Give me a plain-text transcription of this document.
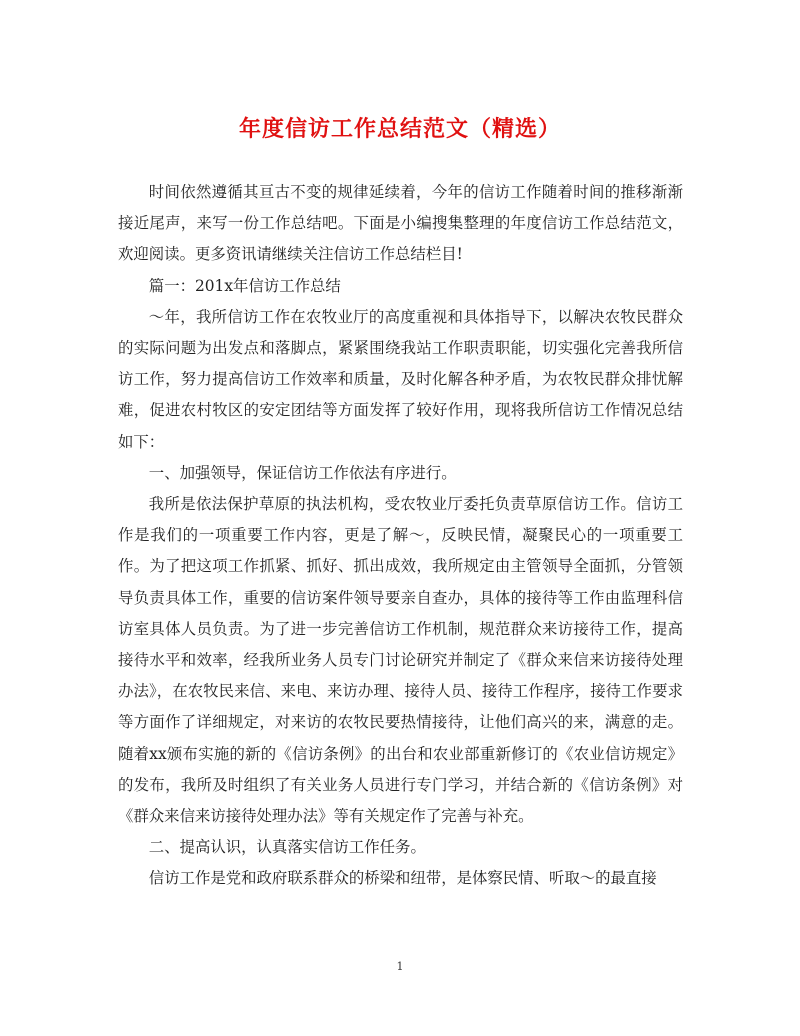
年度信访工作总结范文（精选）

时间依然遵循其亘古不变的规律延续着，今年的信访工作随着时间的推移渐渐接近尾声，来写一份工作总结吧。下面是小编搜集整理的年度信访工作总结范文，欢迎阅读。更多资讯请继续关注信访工作总结栏目!

篇一：201x年信访工作总结

～年，我所信访工作在农牧业厅的高度重视和具体指导下，以解决农牧民群众的实际问题为出发点和落脚点，紧紧围绕我站工作职责职能，切实强化完善我所信访工作，努力提高信访工作效率和质量，及时化解各种矛盾，为农牧民群众排忧解难，促进农村牧区的安定团结等方面发挥了较好作用，现将我所信访工作情况总结如下：

一、加强领导，保证信访工作依法有序进行。

我所是依法保护草原的执法机构，受农牧业厅委托负责草原信访工作。信访工作是我们的一项重要工作内容，更是了解～，反映民情，凝聚民心的一项重要工作。为了把这项工作抓紧、抓好、抓出成效，我所规定由主管领导全面抓，分管领导负责具体工作，重要的信访案件领导要亲自查办，具体的接待等工作由监理科信访室具体人员负责。为了进一步完善信访工作机制，规范群众来访接待工作，提高接待水平和效率，经我所业务人员专门讨论研究并制定了《群众来信来访接待处理办法》，在农牧民来信、来电、来访办理、接待人员、接待工作程序，接待工作要求等方面作了详细规定，对来访的农牧民要热情接待，让他们高兴的来，满意的走。随着xx颁布实施的新的《信访条例》的出台和农业部重新修订的《农业信访规定》的发布，我所及时组织了有关业务人员进行专门学习，并结合新的《信访条例》对《群众来信来访接待处理办法》等有关规定作了完善与补充。

二、提高认识，认真落实信访工作任务。

信访工作是党和政府联系群众的桥梁和纽带，是体察民情、听取～的最直接

1
